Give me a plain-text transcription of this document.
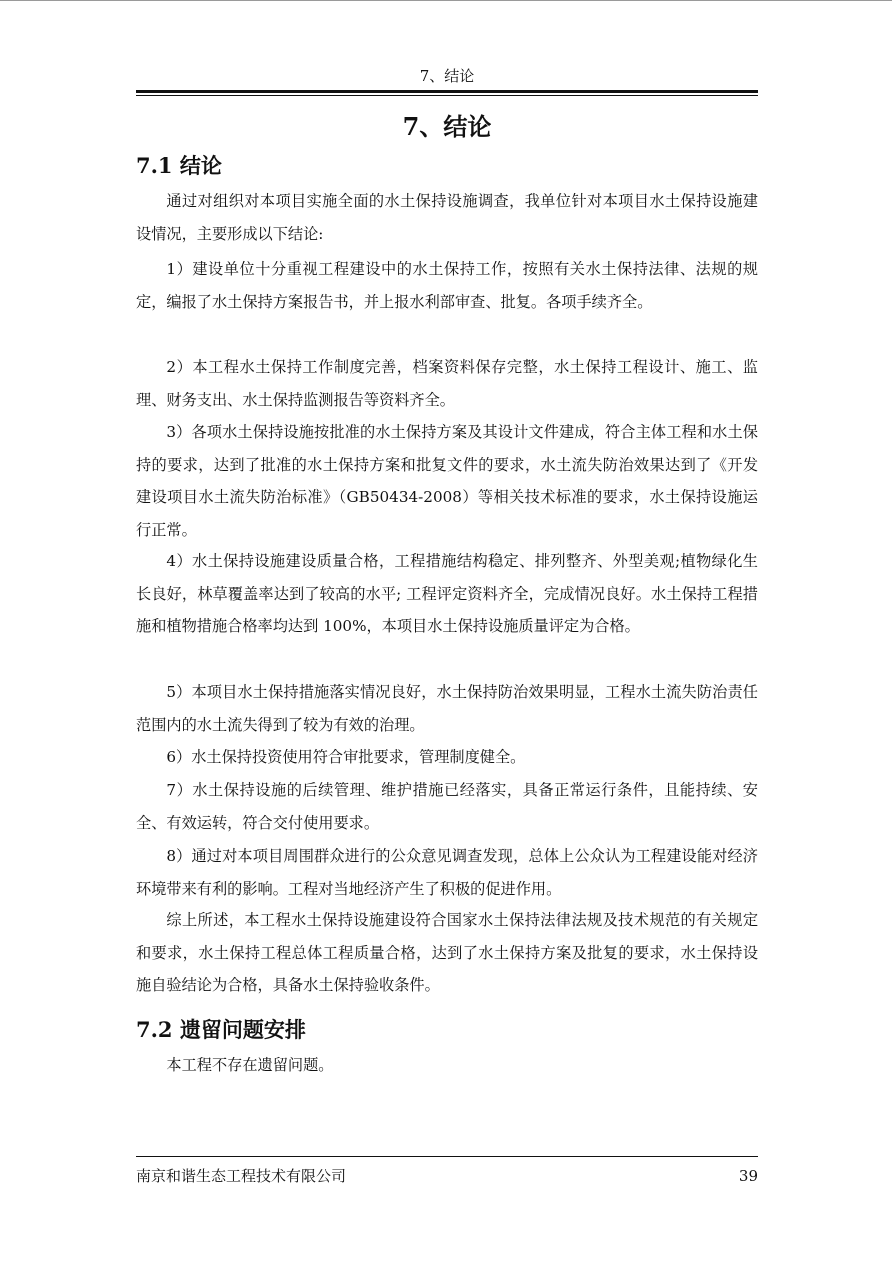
7、结论
7、结论
7.1 结论

通过对组织对本项目实施全面的水土保持设施调查，我单位针对本项目水土保持设施建设情况，主要形成以下结论:

1）建设单位十分重视工程建设中的水土保持工作，按照有关水土保持法律、法规的规定，编报了水土保持方案报告书，并上报水利部审查、批复。各项手续齐全。

2）本工程水土保持工作制度完善，档案资料保存完整，水土保持工程设计、施工、监理、财务支出、水土保持监测报告等资料齐全。

3）各项水土保持设施按批准的水土保持方案及其设计文件建成，符合主体工程和水土保持的要求，达到了批准的水土保持方案和批复文件的要求，水土流失防治效果达到了《开发建设项目水土流失防治标准》（GB50434-2008）等相关技术标准的要求，水土保持设施运行正常。

4）水土保持设施建设质量合格，工程措施结构稳定、排列整齐、外型美观;植物绿化生长良好，林草覆盖率达到了较高的水平; 工程评定资料齐全，完成情况良好。水土保持工程措施和植物措施合格率均达到 100%，本项目水土保持设施质量评定为合格。

5）本项目水土保持措施落实情况良好，水土保持防治效果明显，工程水土流失防治责任范围内的水土流失得到了较为有效的治理。

6）水土保持投资使用符合审批要求，管理制度健全。

7）水土保持设施的后续管理、维护措施已经落实，具备正常运行条件，且能持续、安全、有效运转，符合交付使用要求。

8）通过对本项目周围群众进行的公众意见调查发现，总体上公众认为工程建设能对经济环境带来有利的影响。工程对当地经济产生了积极的促进作用。

综上所述，本工程水土保持设施建设符合国家水土保持法律法规及技术规范的有关规定和要求，水土保持工程总体工程质量合格，达到了水土保持方案及批复的要求，水土保持设施自验结论为合格，具备水土保持验收条件。

7.2 遗留问题安排

本工程不存在遗留问题。

南京和谐生态工程技术有限公司	39
